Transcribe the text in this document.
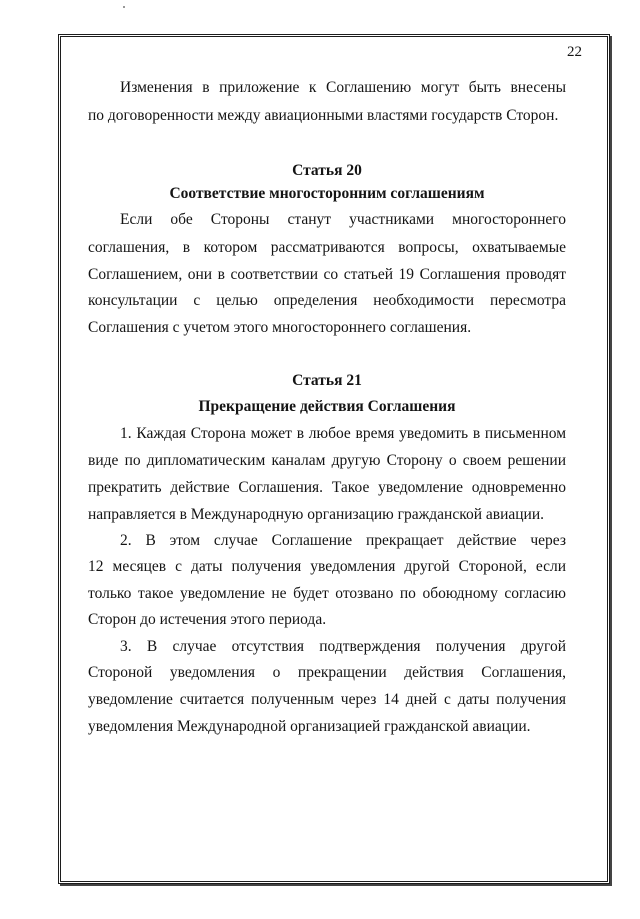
22
Изменения в приложение к Соглашению могут быть внесены
по договоренности между авиационными властями государств Сторон.
Статья 20
Соответствие многосторонним соглашениям
Если обе Стороны станут участниками многостороннего
соглашения, в котором рассматриваются вопросы, охватываемые
Соглашением, они в соответствии со статьей 19 Соглашения проводят
консультации с целью определения необходимости пересмотра
Соглашения с учетом этого многостороннего соглашения.
Статья 21
Прекращение действия Соглашения
1. Каждая Сторона может в любое время уведомить в письменном
виде по дипломатическим каналам другую Сторону о своем решении
прекратить действие Соглашения. Такое уведомление одновременно
направляется в Международную организацию гражданской авиации.
2. В этом случае Соглашение прекращает действие через
12 месяцев с даты получения уведомления другой Стороной, если
только такое уведомление не будет отозвано по обоюдному согласию
Сторон до истечения этого периода.
3. В случае отсутствия подтверждения получения другой
Стороной уведомления о прекращении действия Соглашения,
уведомление считается полученным через 14 дней с даты получения
уведомления Международной организацией гражданской авиации.
